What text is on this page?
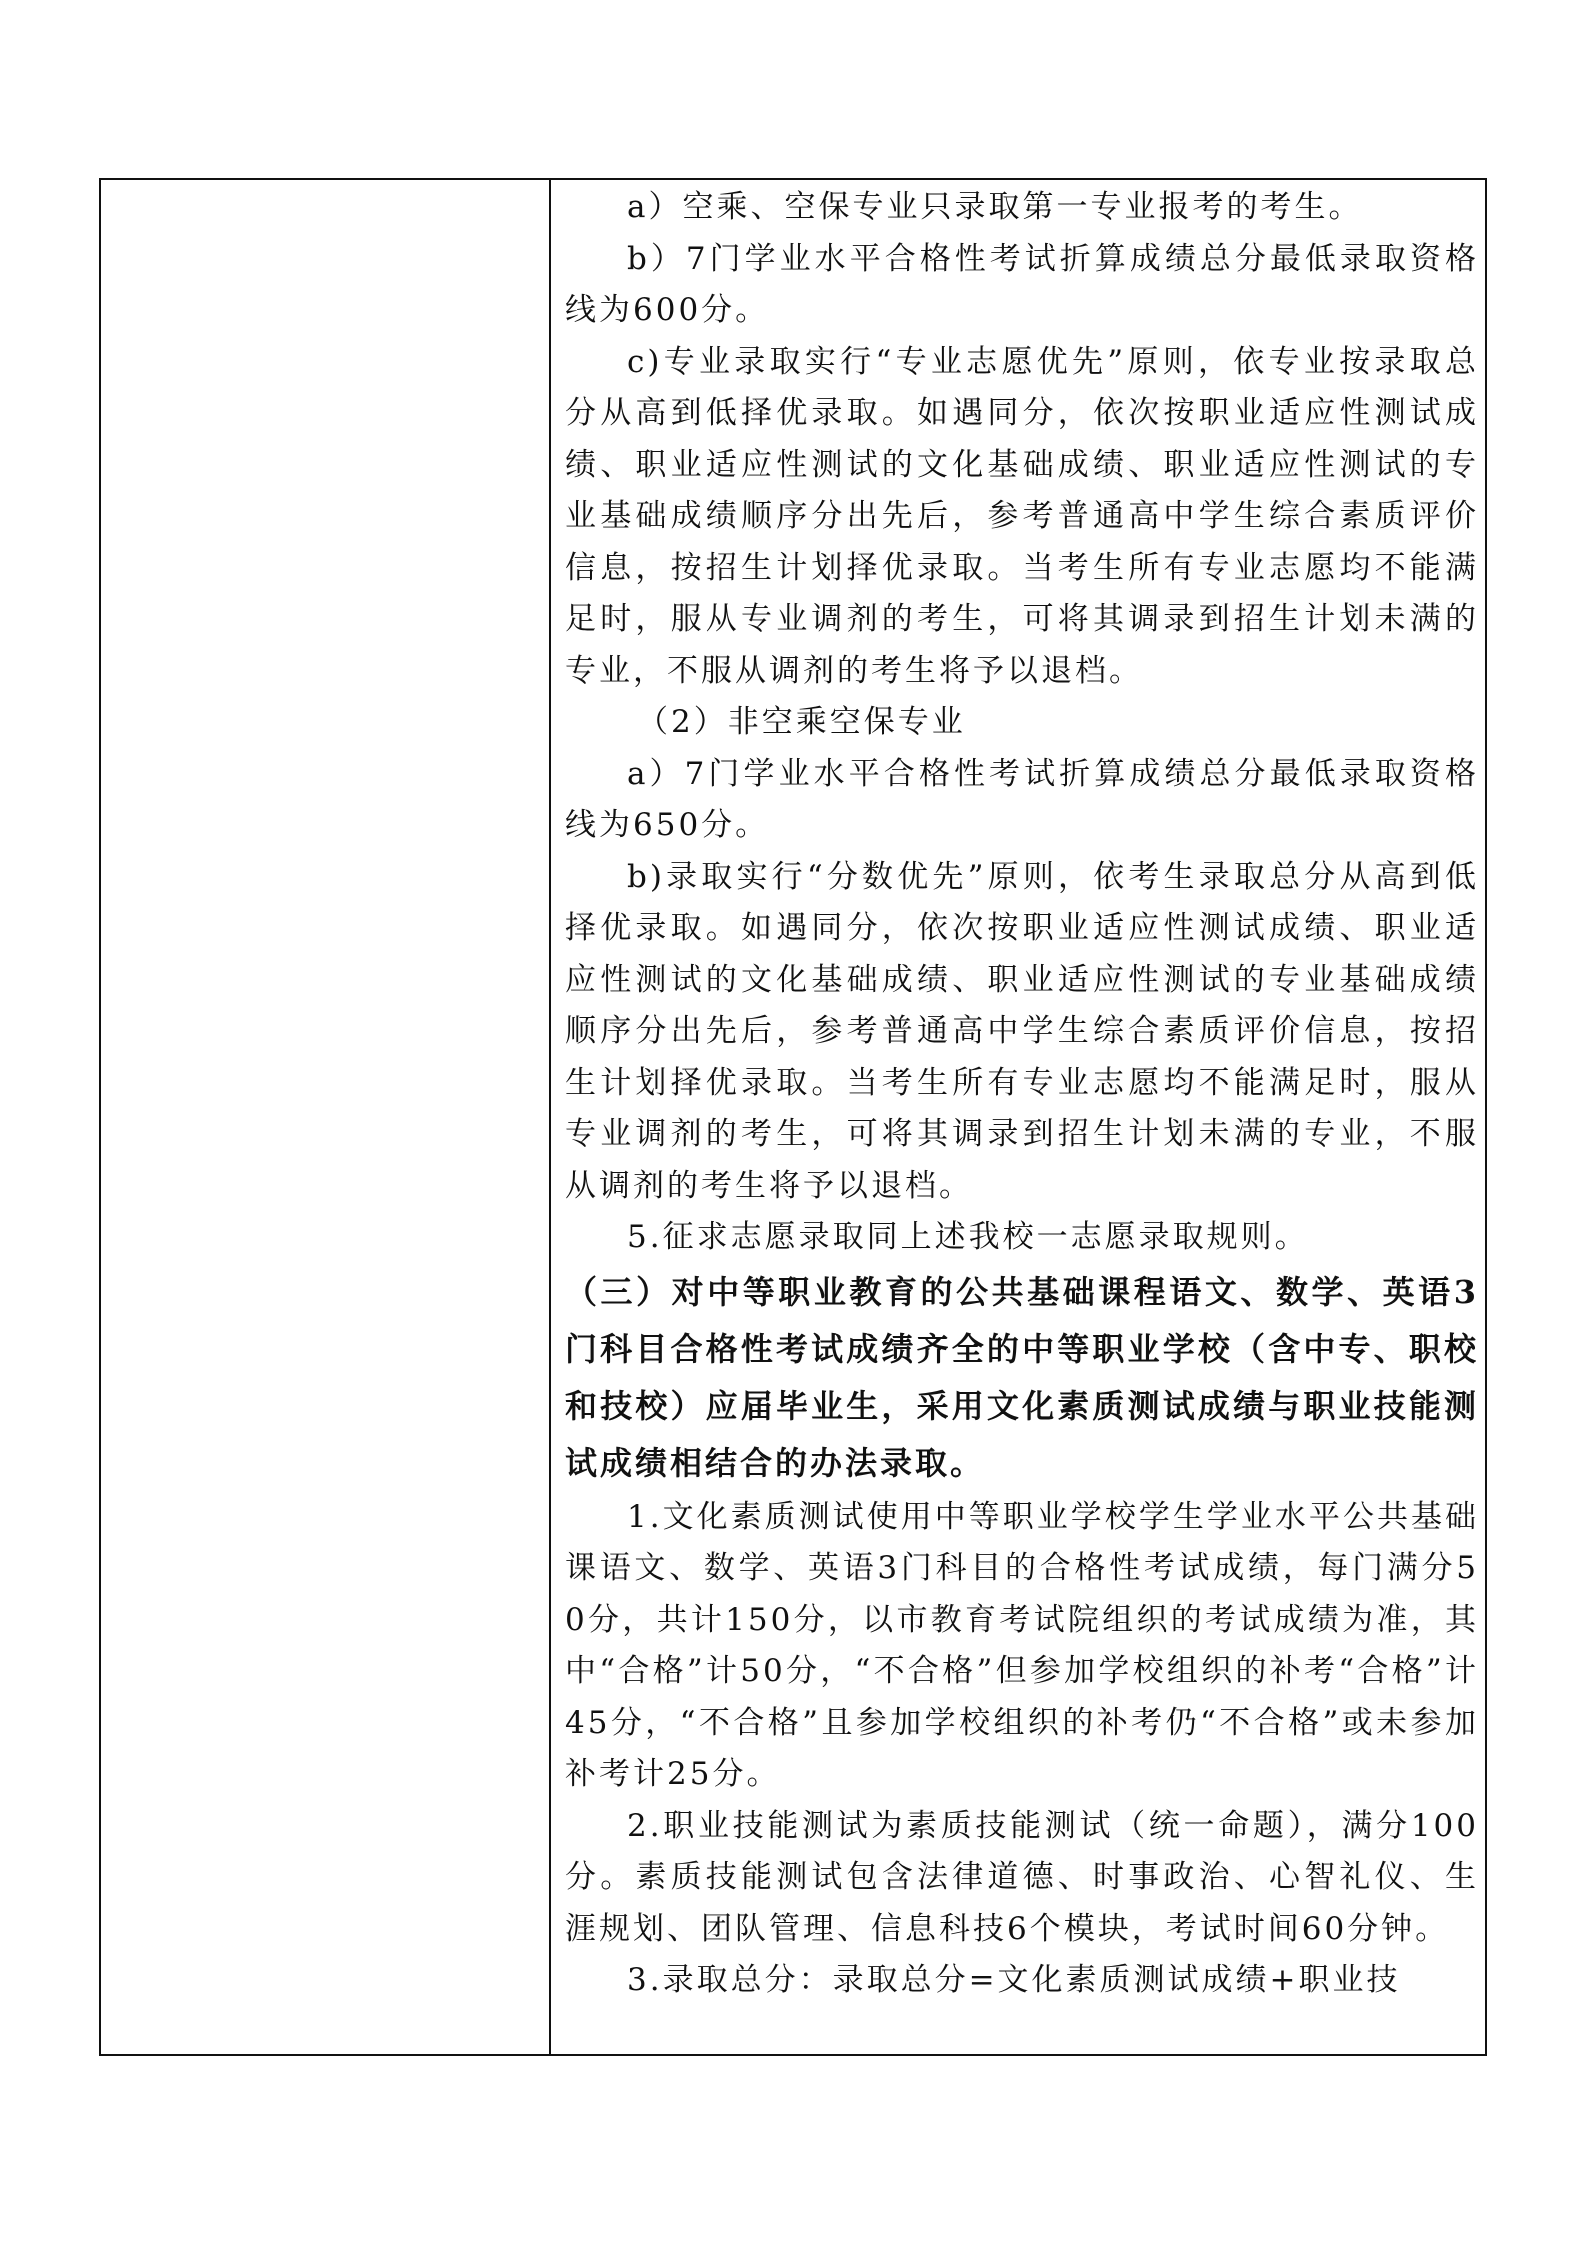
a）空乘、空保专业只录取第一专业报考的考生。

b）7门学业水平合格性考试折算成绩总分最低录取资格线为600分。

c)专业录取实行“专业志愿优先”原则，依专业按录取总分从高到低择优录取。如遇同分，依次按职业适应性测试成绩、职业适应性测试的文化基础成绩、职业适应性测试的专业基础成绩顺序分出先后，参考普通高中学生综合素质评价信息，按招生计划择优录取。当考生所有专业志愿均不能满足时，服从专业调剂的考生，可将其调录到招生计划未满的专业，不服从调剂的考生将予以退档。

（2）非空乘空保专业

a）7门学业水平合格性考试折算成绩总分最低录取资格线为650分。

b)录取实行“分数优先”原则，依考生录取总分从高到低择优录取。如遇同分，依次按职业适应性测试成绩、职业适应性测试的文化基础成绩、职业适应性测试的专业基础成绩顺序分出先后，参考普通高中学生综合素质评价信息，按招生计划择优录取。当考生所有专业志愿均不能满足时，服从专业调剂的考生，可将其调录到招生计划未满的专业，不服从调剂的考生将予以退档。

5.征求志愿录取同上述我校一志愿录取规则。

（三）对中等职业教育的公共基础课程语文、数学、英语3门科目合格性考试成绩齐全的中等职业学校（含中专、职校和技校）应届毕业生，采用文化素质测试成绩与职业技能测试成绩相结合的办法录取。

1.文化素质测试使用中等职业学校学生学业水平公共基础课语文、数学、英语3门科目的合格性考试成绩，每门满分50分，共计150分，以市教育考试院组织的考试成绩为准，其中“合格”计50分，“不合格”但参加学校组织的补考“合格”计45分，“不合格”且参加学校组织的补考仍“不合格”或未参加补考计25分。

2.职业技能测试为素质技能测试（统一命题），满分100分。素质技能测试包含法律道德、时事政治、心智礼仪、生涯规划、团队管理、信息科技6个模块，考试时间60分钟。

3.录取总分：录取总分=文化素质测试成绩+职业技
